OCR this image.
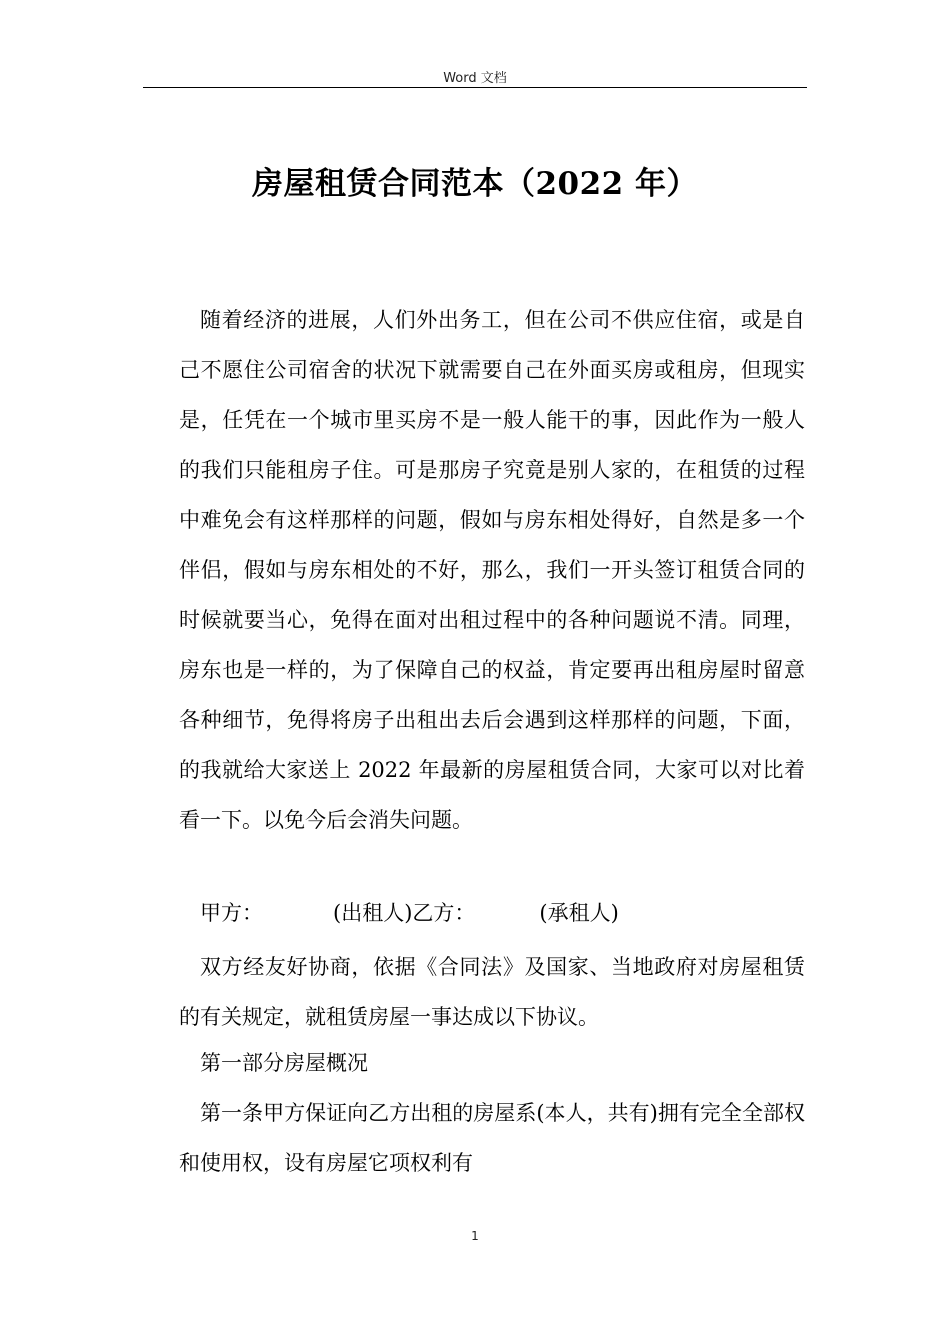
Word 文档
房屋租赁合同范本（2022 年）
随着经济的进展，人们外出务工，但在公司不供应住宿，或是自己不愿住公司宿舍的状况下就需要自己在外面买房或租房，但现实是，任凭在一个城市里买房不是一般人能干的事，因此作为一般人的我们只能租房子住。可是那房子究竟是别人家的，在租赁的过程中难免会有这样那样的问题，假如与房东相处得好，自然是多一个伴侣，假如与房东相处的不好，那么，我们一开头签订租赁合同的时候就要当心，免得在面对出租过程中的各种问题说不清。同理，房东也是一样的，为了保障自己的权益，肯定要再出租房屋时留意各种细节，免得将房子出租出去后会遇到这样那样的问题，下面，的我就给大家送上 2022 年最新的房屋租赁合同，大家可以对比着看一下。以免今后会消失问题。
甲方：	(出租人)乙方：	(承租人)
双方经友好协商，依据《合同法》及国家、当地政府对房屋租赁的有关规定，就租赁房屋一事达成以下协议。
第一部分房屋概况
第一条甲方保证向乙方出租的房屋系(本人，共有)拥有完全全部权和使用权，设有房屋它项权利有
1
